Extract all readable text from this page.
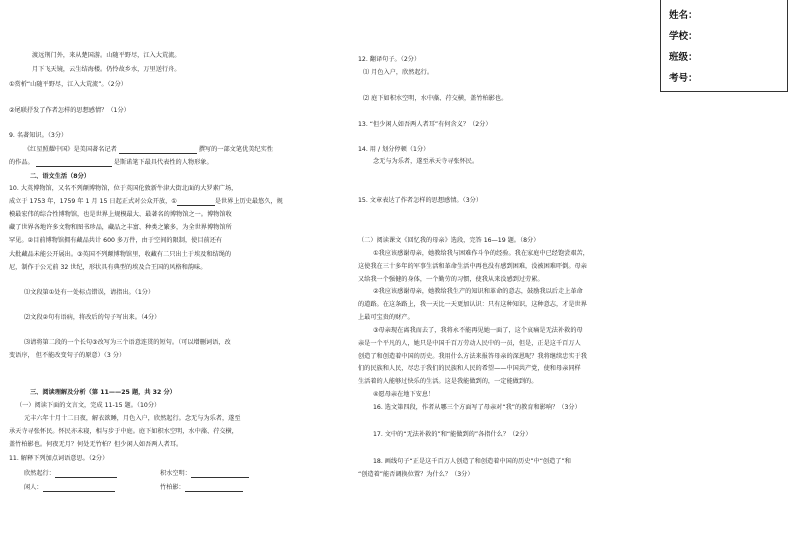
姓名：
学校：
班级：
考号：
渡远荆门外，来从楚国游。山随平野尽，江入大荒流。
月下飞天镜，云生结海楼。仍怜故乡水，万里送行舟。
①赏析“山随平野尽，江入大荒流”。（2分）
②尾联抒发了作者怎样的思想感情？（1分）
9. 名著知识。（3分）
《红星照耀中国》是美国著名记者	撰写的一部文笔优美纪实性
的作品。	是斯诺笔下最具代表性的人物形象。
二、语文生活（8分）
10. 大英博物馆，又名不列颠博物馆，位于英国伦敦新牛津大街北面的大罗素广场，
成立于 1753 年，1759 年 1 月 15 日起正式对公众开放，①	是世界上历史最悠久，规
模最宏伟的综合性博物馆，也是世界上规模最大、最著名的博物馆之一。博物馆收
藏了世界各地许多文物和图书珍品，藏品之丰富、种类之繁多，为全世界博物馆所
罕见。②目前博物馆拥有藏品共计 600 多万件，由于空间的限制，使目前还有
大批藏品未能公开展出。③英国不列颠博物馆里，收藏有二只出土于埃及和结绳的
尼，制作于公元前 32 世纪，形状具有典型的埃及合王国的风格和韵味。
⑴文段第①处有一处标点错误，请指出。（1分）
⑵文段②句有语病，将改后的句子写出来。（4分）
⑶请将第二段的一个长句③改写为三个语意连贯的短句。（可以增删词语，改
变语序， 但不能改变句子的原意）（3 分）
三、阅读理解及分析（第 11——25 题，共 32 分）
（一）阅读下面的文言文，完成 11-15 题。（10分）
元丰六年十月十二日夜，解衣欲睡，月色入户，欣然起行。念无与为乐者，遂至
承天寺寻张怀民。怀民亦未寝，相与步于中庭。庭下如积水空明，水中藻、荇交横，
盖竹柏影也。何夜无月？何处无竹柏？但少闲人如吾两人者耳。
11. 解释下列加点词语意思。（2分）
欣然起行：	积水空明：
闲人：	竹柏影：
12. 翻译句子。（2分）
⑴ 月色入户，欣然起行。
⑵ 庭下如积水空明，水中藻、荇交横，盖竹柏影也。
13. “但少闲人如吾两人者耳”有何含义？（2分）
14. 用 / 划分停顿（1分）
念无与为乐者，遂至承天寺寻张怀民。
15. 文章表达了作者怎样的思想感情。（3分）
（二）阅读课文《回忆我的母亲》选段，完答 16—19 题。（8分）
①我应该感谢母亲，她教给我与困难作斗争的经验。我在家庭中已经饱尝艰苦，
这使我在三十多年的军事生活和革命生活中再也没有感到困难，没被困难吓倒。母亲
又给我一个强健的身体，一个勤劳的习惯，使我从来没感到过劳累。
②我应该感谢母亲，她教给我生产的知识和革命的意志，鼓励我以后走上革命
的道路。在这条路上，我一天比一天更加认识：只有这种知识，这种意志，才是世界
上最可宝贵的财产。
③母亲现在离我而去了，我将永不能再见她一面了，这个哀痛是无法补救的母
亲是一个平凡的人，她只是中国千百万劳动人民中的一员，但是，正是这千百万人
创造了和创造着中国的历史。我用什么方法来报答母亲的深恩呢？我将继续忠实于我
们的民族和人民，尽忠于我们的民族和人民的希望——中国共产党，使和母亲同样
生活着的人能够过快乐的生活。这是我能做到的，一定能做到的。
④愿母亲在地下安息！
16. 选文第四段，作者从哪三个方面写了母亲对“我”的教育和影响？（3分）
17. 文中的“无法补救的”和“能做到的”各指什么？（2分）
18. 画线句子“正是这千百万人创造了和创造着中国的历史”中“创造了”和
“创造着”能否调换位置？为什么？（3分）
